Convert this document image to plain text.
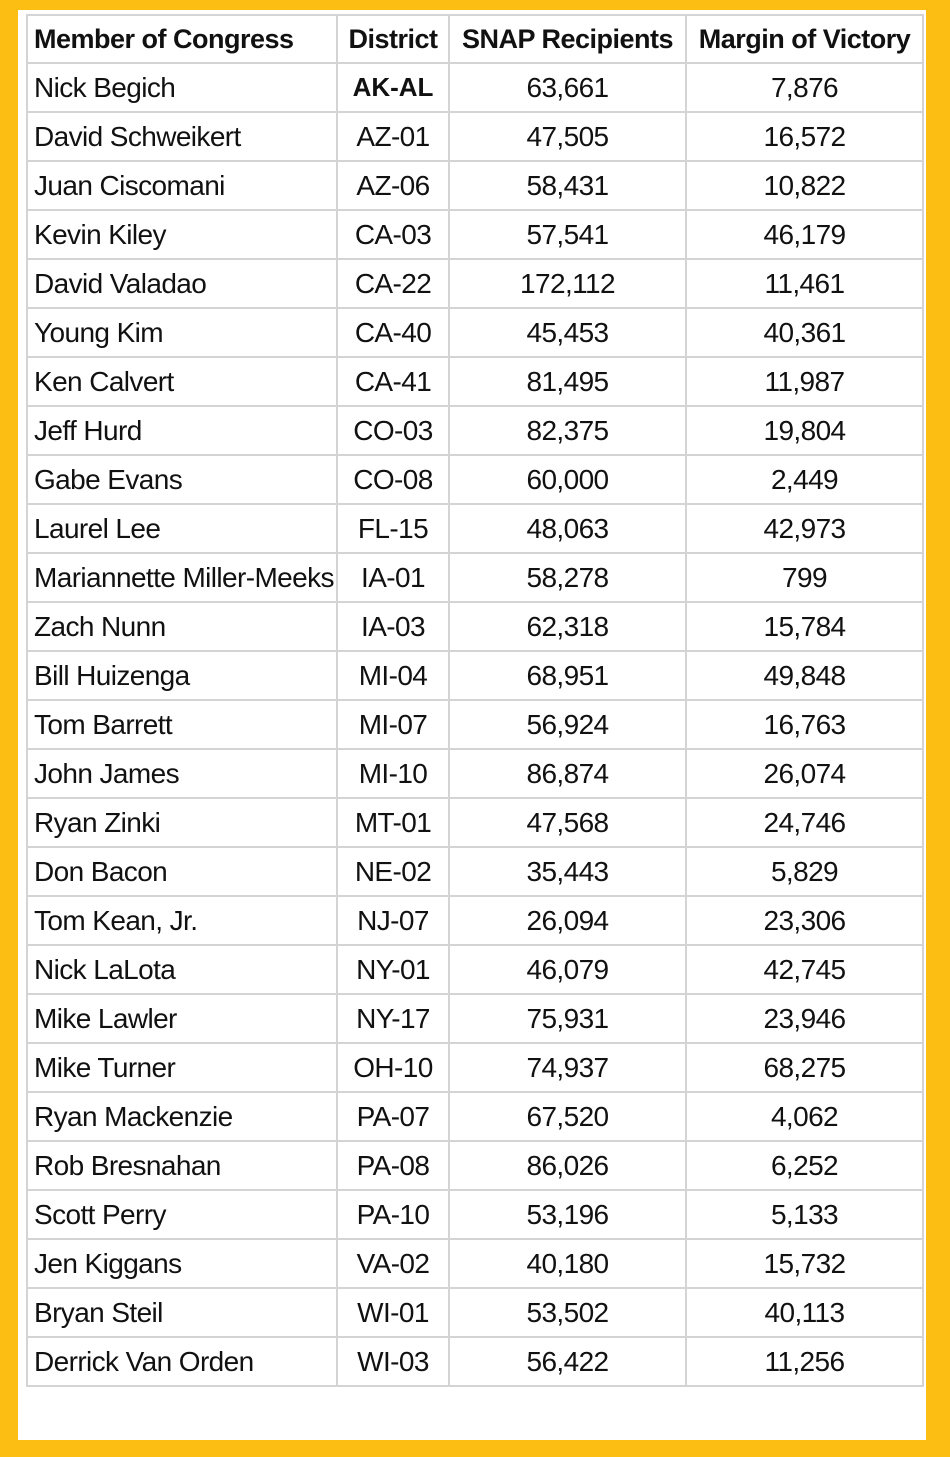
Member of Congress	District	SNAP Recipients	Margin of Victory
Nick Begich	AK-AL	63,661	7,876
David Schweikert	AZ-01	47,505	16,572
Juan Ciscomani	AZ-06	58,431	10,822
Kevin Kiley	CA-03	57,541	46,179
David Valadao	CA-22	172,112	11,461
Young Kim	CA-40	45,453	40,361
Ken Calvert	CA-41	81,495	11,987
Jeff Hurd	CO-03	82,375	19,804
Gabe Evans	CO-08	60,000	2,449
Laurel Lee	FL-15	48,063	42,973
Mariannette Miller-Meeks	IA-01	58,278	799
Zach Nunn	IA-03	62,318	15,784
Bill Huizenga	MI-04	68,951	49,848
Tom Barrett	MI-07	56,924	16,763
John James	MI-10	86,874	26,074
Ryan Zinki	MT-01	47,568	24,746
Don Bacon	NE-02	35,443	5,829
Tom Kean, Jr.	NJ-07	26,094	23,306
Nick LaLota	NY-01	46,079	42,745
Mike Lawler	NY-17	75,931	23,946
Mike Turner	OH-10	74,937	68,275
Ryan Mackenzie	PA-07	67,520	4,062
Rob Bresnahan	PA-08	86,026	6,252
Scott Perry	PA-10	53,196	5,133
Jen Kiggans	VA-02	40,180	15,732
Bryan Steil	WI-01	53,502	40,113
Derrick Van Orden	WI-03	56,422	11,256
